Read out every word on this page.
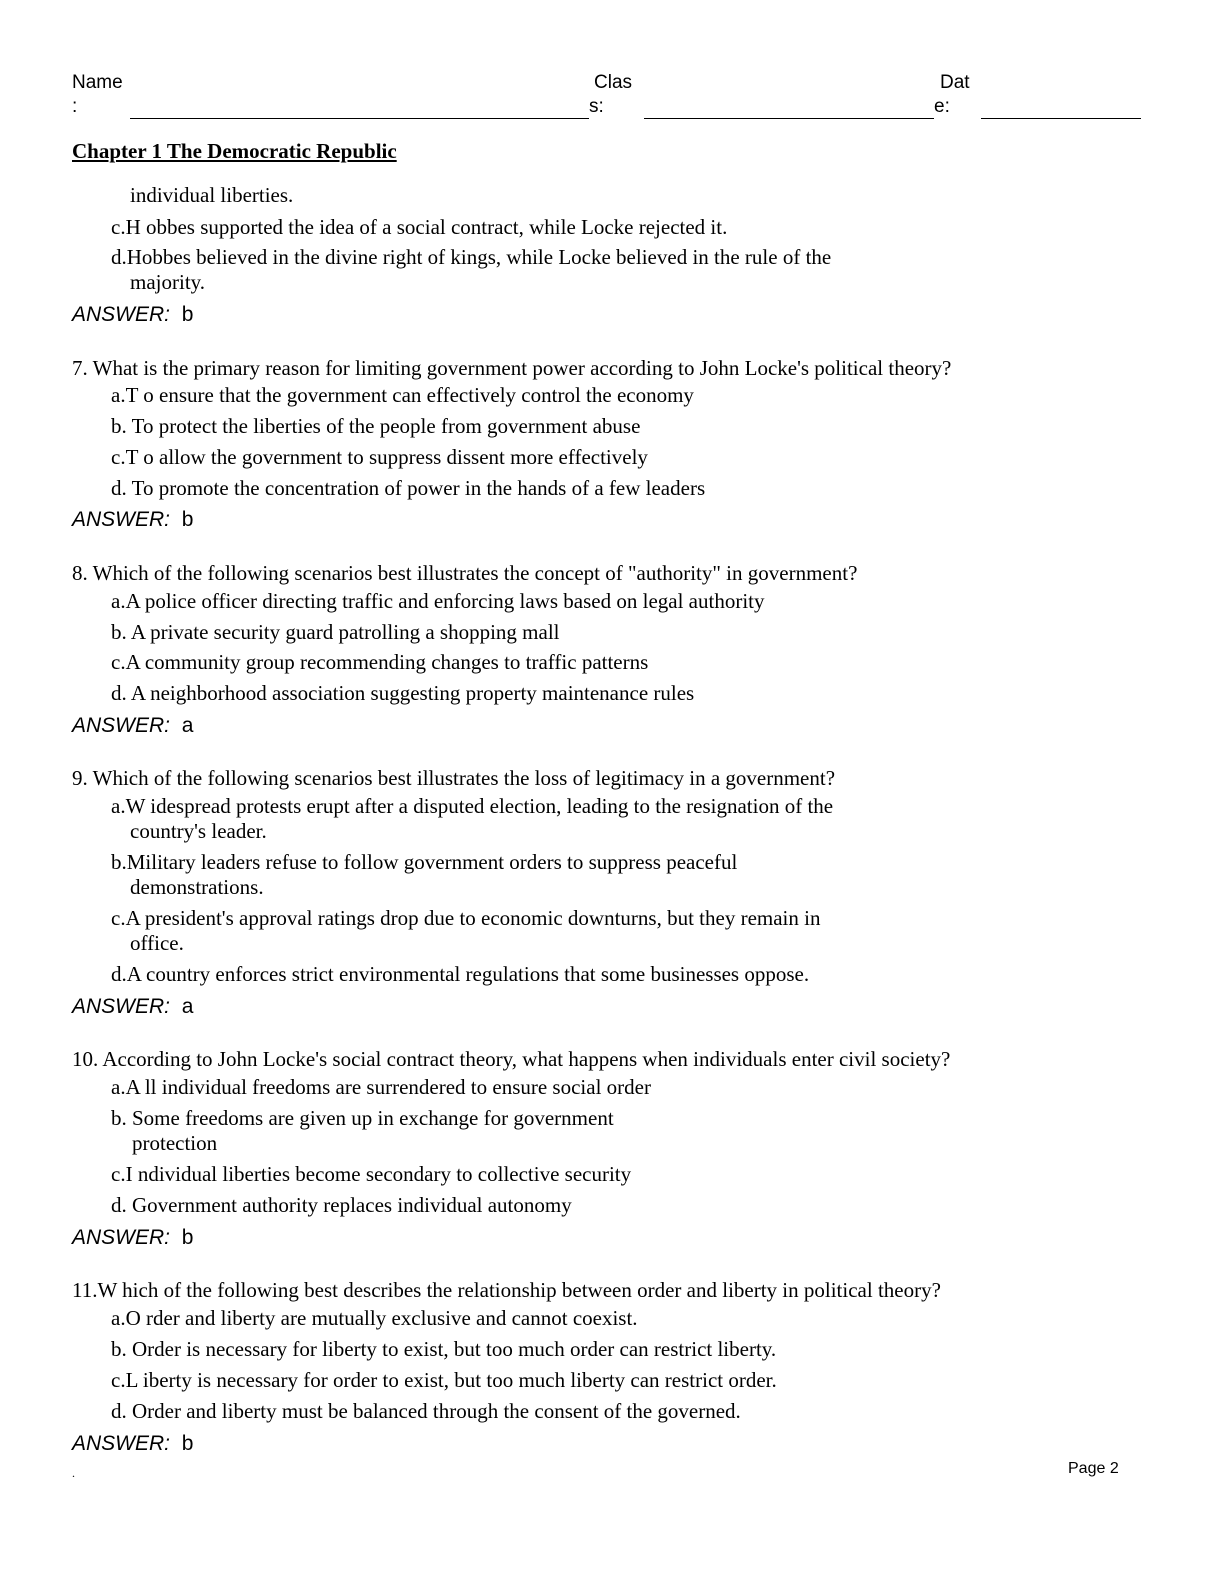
Name
:
Clas
s:
Dat
e:
Chapter 1 The Democratic Republic
individual liberties.
c.H obbes supported the idea of a social contract, while Locke rejected it.
d.Hobbes believed in the divine right of kings, while Locke believed in the rule of the
majority.
ANSWER: b
7. What is the primary reason for limiting government power according to John Locke's political theory?
a.T o ensure that the government can effectively control the economy
b. To protect the liberties of the people from government abuse
c.T o allow the government to suppress dissent more effectively
d. To promote the concentration of power in the hands of a few leaders
ANSWER: b
8. Which of the following scenarios best illustrates the concept of "authority" in government?
a.A police officer directing traffic and enforcing laws based on legal authority
b. A private security guard patrolling a shopping mall
c.A community group recommending changes to traffic patterns
d. A neighborhood association suggesting property maintenance rules
ANSWER: a
9. Which of the following scenarios best illustrates the loss of legitimacy in a government?
a.W idespread protests erupt after a disputed election, leading to the resignation of the
country's leader.
b.Military leaders refuse to follow government orders to suppress peaceful
demonstrations.
c.A president's approval ratings drop due to economic downturns, but they remain in
office.
d.A country enforces strict environmental regulations that some businesses oppose.
ANSWER: a
10. According to John Locke's social contract theory, what happens when individuals enter civil society?
a.A ll individual freedoms are surrendered to ensure social order
b. Some freedoms are given up in exchange for government
protection
c.I ndividual liberties become secondary to collective security
d. Government authority replaces individual autonomy
ANSWER: b
11.W hich of the following best describes the relationship between order and liberty in political theory?
a.O rder and liberty are mutually exclusive and cannot coexist.
b. Order is necessary for liberty to exist, but too much order can restrict liberty.
c.L iberty is necessary for order to exist, but too much liberty can restrict order.
d. Order and liberty must be balanced through the consent of the governed.
ANSWER: b
.	Page 2
